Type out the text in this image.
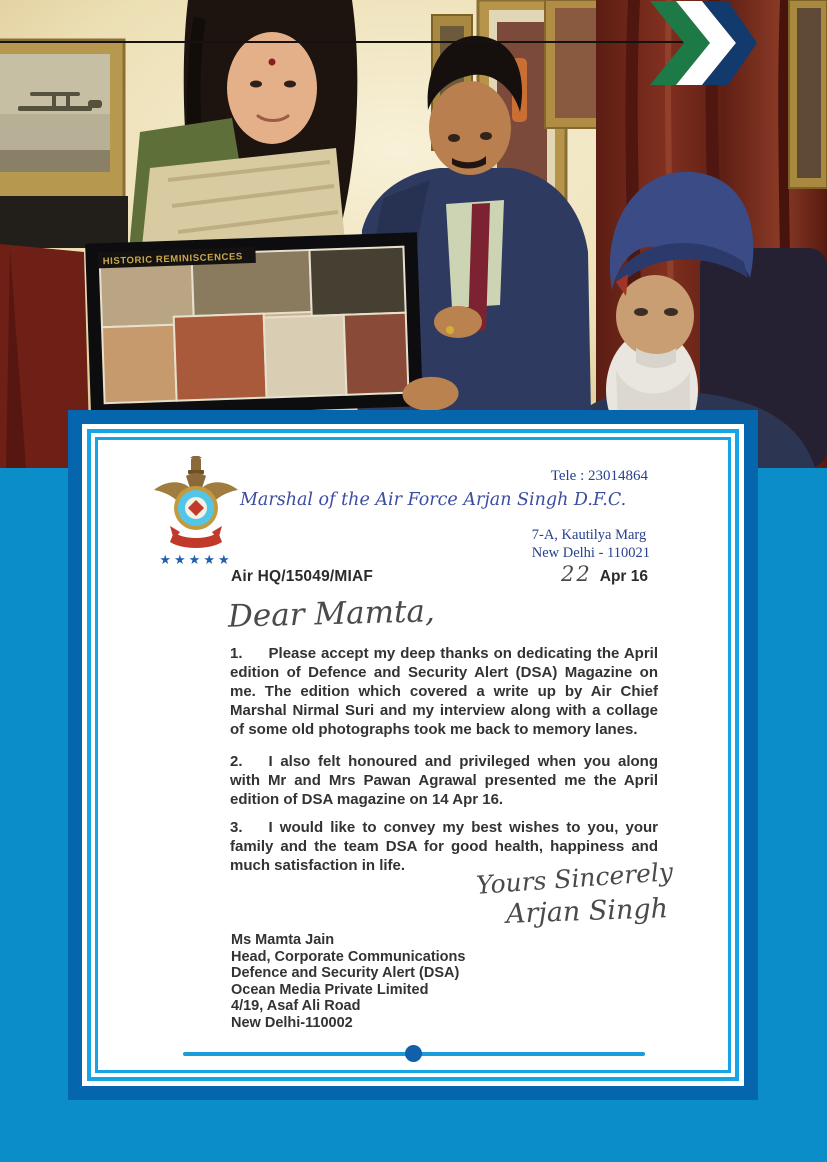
HISTORIC REMINISCENCES
Tele : 23014864
★★★★★
Marshal of the Air Force Arjan Singh D.F.C.
7-A, Kautilya Marg
New Delhi - 110021
Air HQ/15049/MIAF	22 Apr 16
Dear Mamta,

1. Please accept my deep thanks on dedicating the April edition of Defence and Security Alert (DSA) Magazine on me. The edition which covered a write up by Air Chief Marshal Nirmal Suri and my interview along with a collage of some old photographs took me back to memory lanes.

2. I also felt honoured and privileged when you along with Mr and Mrs Pawan Agrawal presented me the April edition of DSA magazine on 14 Apr 16.

3. I would like to convey my best wishes to you, your family and the team DSA for good health, happiness and much satisfaction in life.	Yours Sincerely
Arjan Singh
Ms Mamta Jain
Head, Corporate Communications
Defence and Security Alert (DSA)
Ocean Media Private Limited
4/19, Asaf Ali Road
New Delhi-110002
